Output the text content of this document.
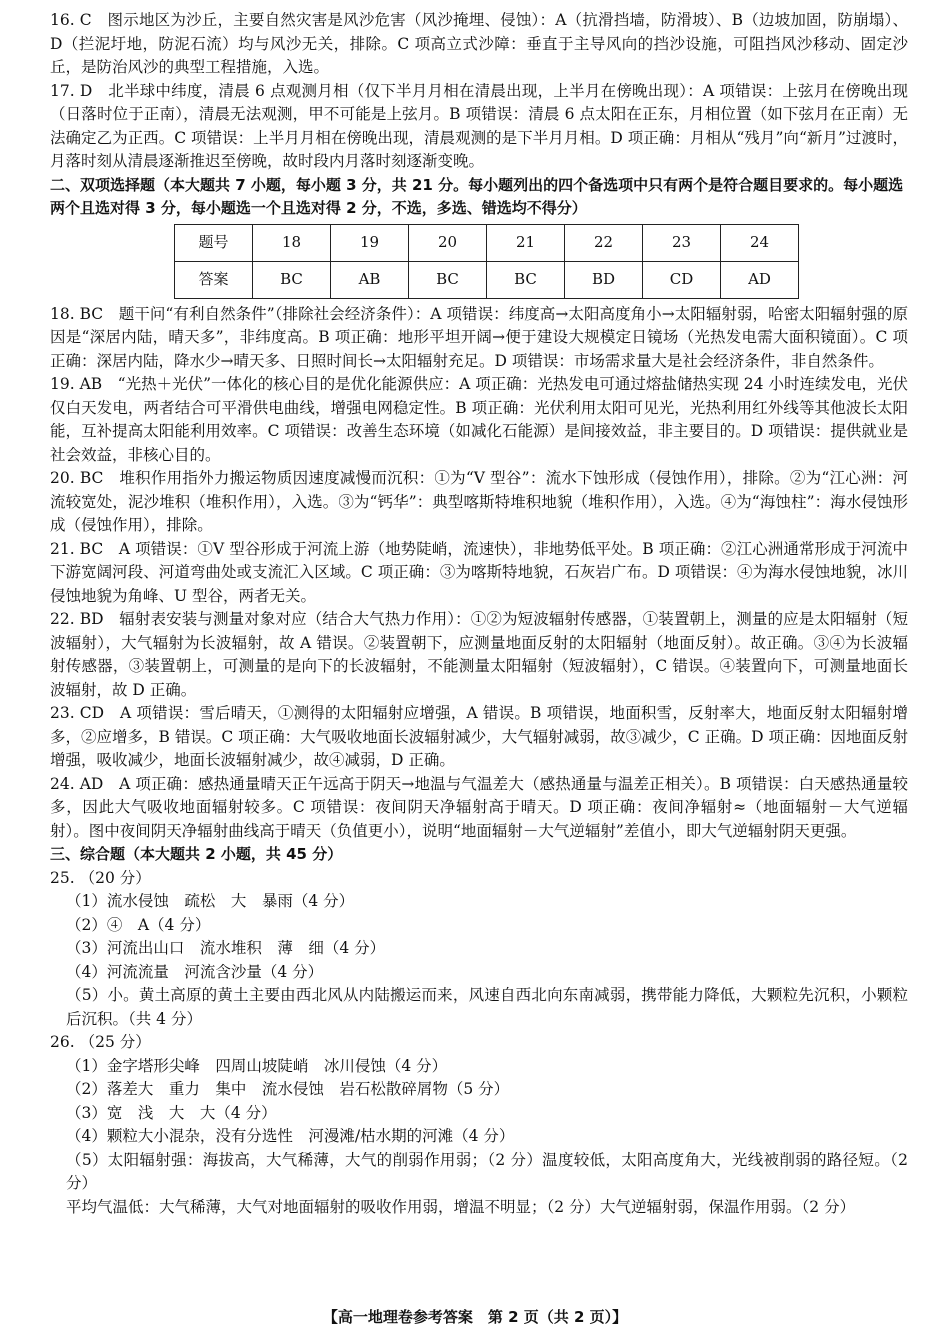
16. C　图示地区为沙丘，主要自然灾害是风沙危害（风沙掩埋、侵蚀）：A（抗滑挡墙，防滑坡）、B（边坡加固，防崩塌）、D（拦泥圩地，防泥石流）均与风沙无关，排除。C 项高立式沙障：垂直于主导风向的挡沙设施，可阻挡风沙移动、固定沙丘，是防治风沙的典型工程措施，入选。

17. D　北半球中纬度，清晨 6 点观测月相（仅下半月月相在清晨出现，上半月在傍晚出现）：A 项错误：上弦月在傍晚出现（日落时位于正南），清晨无法观测，甲不可能是上弦月。B 项错误：清晨 6 点太阳在正东，月相位置（如下弦月在正南）无法确定乙为正西。C 项错误：上半月月相在傍晚出现，清晨观测的是下半月月相。D 项正确：月相从“残月”向“新月”过渡时，月落时刻从清晨逐渐推迟至傍晚，故时段内月落时刻逐渐变晚。

二、双项选择题（本大题共 7 小题，每小题 3 分，共 21 分。每小题列出的四个备选项中只有两个是符合题目要求的。每小题选两个且选对得 3 分，每小题选一个且选对得 2 分，不选，多选、错选均不得分）

题号	18	19	20	21	22	23	24
答案	BC	AB	BC	BC	BD	CD	AD

18. BC　题干问“有利自然条件”（排除社会经济条件）：A 项错误：纬度高→太阳高度角小→太阳辐射弱，哈密太阳辐射强的原因是“深居内陆，晴天多”，非纬度高。B 项正确：地形平坦开阔→便于建设大规模定日镜场（光热发电需大面积镜面）。C 项正确：深居内陆，降水少→晴天多、日照时间长→太阳辐射充足。D 项错误：市场需求量大是社会经济条件，非自然条件。

19. AB　“光热＋光伏”一体化的核心目的是优化能源供应：A 项正确：光热发电可通过熔盐储热实现 24 小时连续发电，光伏仅白天发电，两者结合可平滑供电曲线，增强电网稳定性。B 项正确：光伏利用太阳可见光，光热利用红外线等其他波长太阳能，互补提高太阳能利用效率。C 项错误：改善生态环境（如减化石能源）是间接效益，非主要目的。D 项错误：提供就业是社会效益，非核心目的。

20. BC　堆积作用指外力搬运物质因速度减慢而沉积：①为“V 型谷”：流水下蚀形成（侵蚀作用），排除。②为“江心洲：河流较宽处，泥沙堆积（堆积作用），入选。③为“钙华”：典型喀斯特堆积地貌（堆积作用），入选。④为“海蚀柱”：海水侵蚀形成（侵蚀作用），排除。

21. BC　A 项错误：①V 型谷形成于河流上游（地势陡峭，流速快），非地势低平处。B 项正确：②江心洲通常形成于河流中下游宽阔河段、河道弯曲处或支流汇入区域。C 项正确：③为喀斯特地貌，石灰岩广布。D 项错误：④为海水侵蚀地貌，冰川侵蚀地貌为角峰、U 型谷，两者无关。

22. BD　辐射表安装与测量对象对应（结合大气热力作用）：①②为短波辐射传感器，①装置朝上，测量的应是太阳辐射（短波辐射），大气辐射为长波辐射，故 A 错误。②装置朝下，应测量地面反射的太阳辐射（地面反射）。故正确。③④为长波辐射传感器，③装置朝上，可测量的是向下的长波辐射，不能测量太阳辐射（短波辐射），C 错误。④装置向下，可测量地面长波辐射，故 D 正确。

23. CD　A 项错误：雪后晴天，①测得的太阳辐射应增强，A 错误。B 项错误，地面积雪，反射率大，地面反射太阳辐射增多，②应增多，B 错误。C 项正确：大气吸收地面长波辐射减少，大气辐射减弱，故③减少，C 正确。D 项正确：因地面反射增强，吸收减少，地面长波辐射减少，故④减弱，D 正确。

24. AD　A 项正确：感热通量晴天正午远高于阴天→地温与气温差大（感热通量与温差正相关）。B 项错误：白天感热通量较多，因此大气吸收地面辐射较多。C 项错误：夜间阴天净辐射高于晴天。D 项正确：夜间净辐射≈（地面辐射－大气逆辐射）。图中夜间阴天净辐射曲线高于晴天（负值更小），说明“地面辐射－大气逆辐射”差值小，即大气逆辐射阴天更强。

三、综合题（本大题共 2 小题，共 45 分）

25. （20 分）

（1）流水侵蚀　疏松　大　暴雨（4 分）

（2）④　A（4 分）

（3）河流出山口　流水堆积　薄　细（4 分）

（4）河流流量　河流含沙量（4 分）

（5）小。黄土高原的黄土主要由西北风从内陆搬运而来，风速自西北向东南减弱，携带能力降低，大颗粒先沉积，小颗粒后沉积。（共 4 分）

26. （25 分）

（1）金字塔形尖峰　四周山坡陡峭　冰川侵蚀（4 分）

（2）落差大　重力　集中　流水侵蚀　岩石松散碎屑物（5 分）

（3）宽　浅　大　大（4 分）

（4）颗粒大小混杂，没有分选性　河漫滩/枯水期的河滩（4 分）

（5）太阳辐射强：海拔高，大气稀薄，大气的削弱作用弱；（2 分）温度较低，太阳高度角大，光线被削弱的路径短。（2 分）

平均气温低：大气稀薄，大气对地面辐射的吸收作用弱，增温不明显；（2 分）大气逆辐射弱，保温作用弱。（2 分）

【高一地理卷参考答案　第 2 页（共 2 页）】
